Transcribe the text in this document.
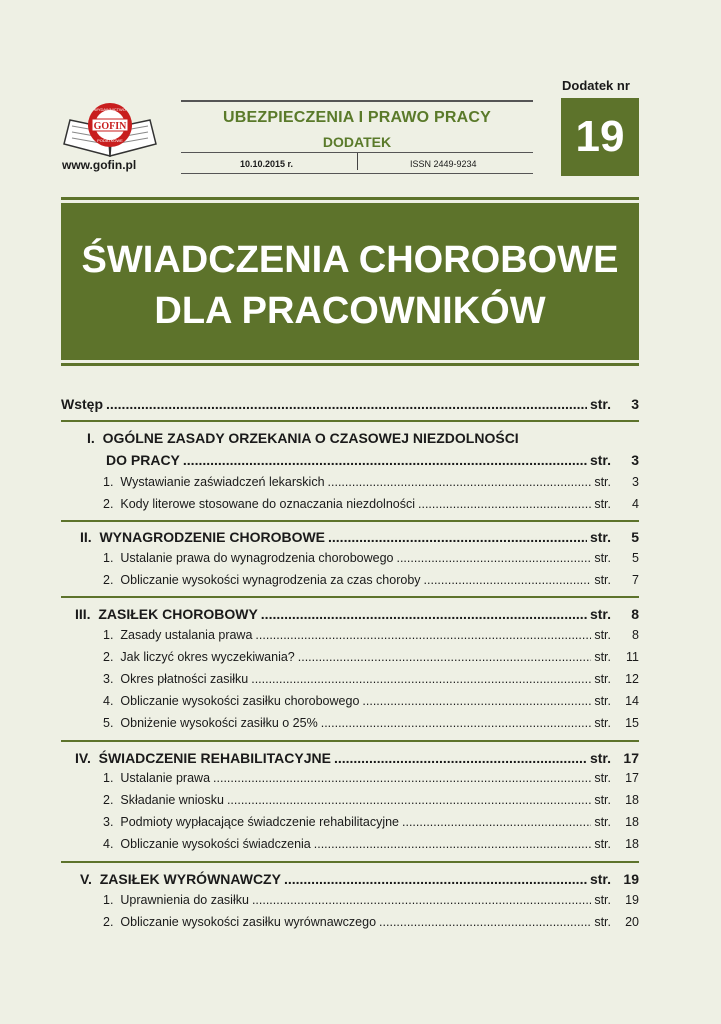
GOFIN
WYDAWNICTWO
PODATKOWE
www.gofin.pl
UBEZPIECZENIA I PRAWO PRACY
DODATEK
10.10.2015 r.	ISSN 2449-9234
Dodatek nr
19
ŚWIADCZENIA CHOROBOWE
DLA PRACOWNIKÓW
Wstęp .....	str.	3
I. OGÓLNE ZASADY ORZEKANIA O CZASOWEJ NIEZDOLNOŚCI
DO PRACY .....	str.	3
1. Wystawianie zaświadczeń lekarskich .....	str.	3
2. Kody literowe stosowane do oznaczania niezdolności .....	str.	4
II. WYNAGRODZENIE CHOROBOWE .....	str.	5
1. Ustalanie prawa do wynagrodzenia chorobowego .....	str.	5
2. Obliczanie wysokości wynagrodzenia za czas choroby .....	str.	7
III. ZASIŁEK CHOROBOWY .....	str.	8
1. Zasady ustalania prawa .....	str.	8
2. Jak liczyć okres wyczekiwania? .....	str.	11
3. Okres płatności zasiłku .....	str.	12
4. Obliczanie wysokości zasiłku chorobowego .....	str.	14
5. Obniżenie wysokości zasiłku o 25% .....	str.	15
IV. ŚWIADCZENIE REHABILITACYJNE .....	str. 17
1. Ustalanie prawa .....	str.	17
2. Składanie wniosku .....	str.	18
3. Podmioty wypłacające świadczenie rehabilitacyjne .....	str.	18
4. Obliczanie wysokości świadczenia .....	str.	18
V. ZASIŁEK WYRÓWNAWCZY .....	str. 19
1. Uprawnienia do zasiłku .....	str.	19
2. Obliczanie wysokości zasiłku wyrównawczego .....	str.	20
